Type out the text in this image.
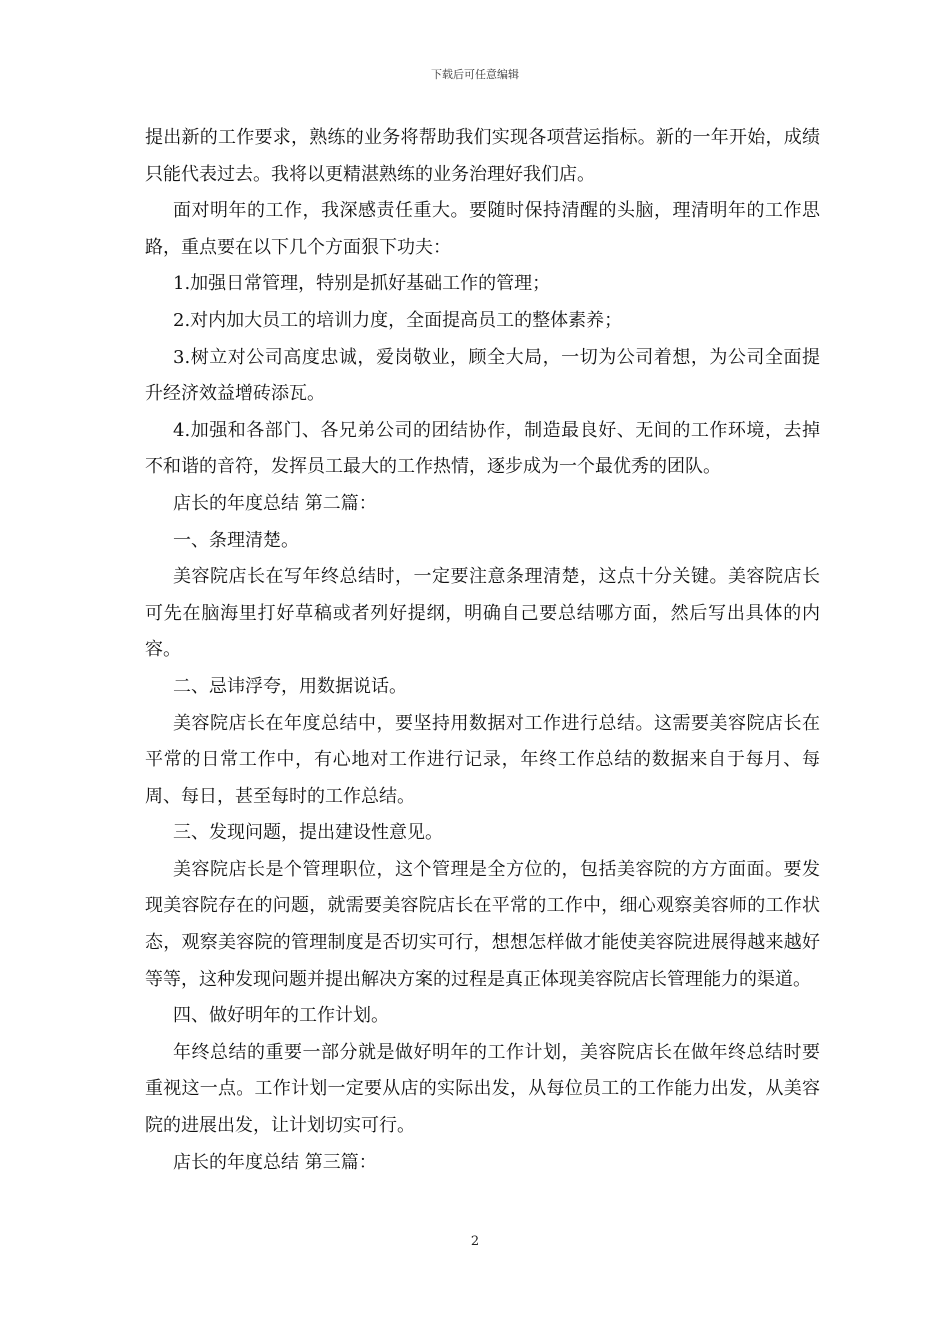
下载后可任意编辑

提出新的工作要求，熟练的业务将帮助我们实现各项营运指标。新的一年开始，成绩只能代表过去。我将以更精湛熟练的业务治理好我们店。

面对明年的工作，我深感责任重大。要随时保持清醒的头脑，理清明年的工作思路，重点要在以下几个方面狠下功夫：

1.加强日常管理，特别是抓好基础工作的管理；

2.对内加大员工的培训力度，全面提高员工的整体素养；

3.树立对公司高度忠诚，爱岗敬业，顾全大局，一切为公司着想，为公司全面提升经济效益增砖添瓦。

4.加强和各部门、各兄弟公司的团结协作，制造最良好、无间的工作环境，去掉不和谐的音符，发挥员工最大的工作热情，逐步成为一个最优秀的团队。

店长的年度总结 第二篇：

一、条理清楚。

美容院店长在写年终总结时，一定要注意条理清楚，这点十分关键。美容院店长可先在脑海里打好草稿或者列好提纲，明确自己要总结哪方面，然后写出具体的内容。

二、忌讳浮夸，用数据说话。

美容院店长在年度总结中，要坚持用数据对工作进行总结。这需要美容院店长在平常的日常工作中，有心地对工作进行记录，年终工作总结的数据来自于每月、每周、每日，甚至每时的工作总结。

三、发现问题，提出建设性意见。

美容院店长是个管理职位，这个管理是全方位的，包括美容院的方方面面。要发现美容院存在的问题，就需要美容院店长在平常的工作中，细心观察美容师的工作状态，观察美容院的管理制度是否切实可行，想想怎样做才能使美容院进展得越来越好等等，这种发现问题并提出解决方案的过程是真正体现美容院店长管理能力的渠道。

四、做好明年的工作计划。

年终总结的重要一部分就是做好明年的工作计划，美容院店长在做年终总结时要重视这一点。工作计划一定要从店的实际出发，从每位员工的工作能力出发，从美容院的进展出发，让计划切实可行。

店长的年度总结 第三篇：

2
